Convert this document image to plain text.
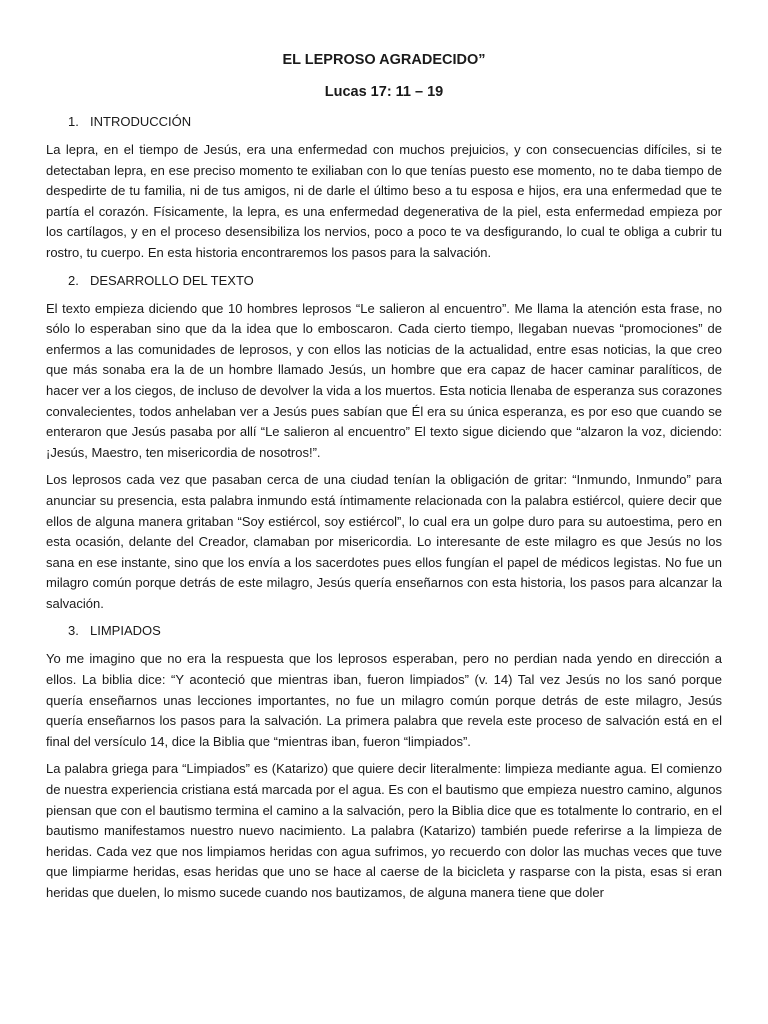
EL LEPROSO AGRADECIDO”
Lucas 17: 11 – 19
1. INTRODUCCIÓN

La lepra, en el tiempo de Jesús, era una enfermedad con muchos prejuicios, y con consecuencias difíciles, si te detectaban lepra, en ese preciso momento te exiliaban con lo que tenías puesto ese momento, no te daba tiempo de despedirte de tu familia, ni de tus amigos, ni de darle el último beso a tu esposa e hijos, era una enfermedad que te partía el corazón. Físicamente, la lepra, es una enfermedad degenerativa de la piel, esta enfermedad empieza por los cartílagos, y en el proceso desensibiliza los nervios, poco a poco te va desfigurando, lo cual te obliga a cubrir tu rostro, tu cuerpo. En esta historia encontraremos los pasos para la salvación.

2. DESARROLLO DEL TEXTO

El texto empieza diciendo que 10 hombres leprosos “Le salieron al encuentro”. Me llama la atención esta frase, no sólo lo esperaban sino que da la idea que lo emboscaron. Cada cierto tiempo, llegaban nuevas “promociones” de enfermos a las comunidades de leprosos, y con ellos las noticias de la actualidad, entre esas noticias, la que creo que más sonaba era la de un hombre llamado Jesús, un hombre que era capaz de hacer caminar paralíticos, de hacer ver a los ciegos, de incluso de devolver la vida a los muertos. Esta noticia llenaba de esperanza sus corazones convalecientes, todos anhelaban ver a Jesús pues sabían que Él era su única esperanza, es por eso que cuando se enteraron que Jesús pasaba por allí “Le salieron al encuentro” El texto sigue diciendo que “alzaron la voz, diciendo: ¡Jesús, Maestro, ten misericordia de nosotros!”.

Los leprosos cada vez que pasaban cerca de una ciudad tenían la obligación de gritar: “Inmundo, Inmundo” para anunciar su presencia, esta palabra inmundo está íntimamente relacionada con la palabra estiércol, quiere decir que ellos de alguna manera gritaban “Soy estiércol, soy estiércol”, lo cual era un golpe duro para su autoestima, pero en esta ocasión, delante del Creador, clamaban por misericordia. Lo interesante de este milagro es que Jesús no los sana en ese instante, sino que los envía a los sacerdotes pues ellos fungían el papel de médicos legistas. No fue un milagro común porque detrás de este milagro, Jesús quería enseñarnos con esta historia, los pasos para alcanzar la salvación.

3. LIMPIADOS

Yo me imagino que no era la respuesta que los leprosos esperaban, pero no perdian nada yendo en dirección a ellos. La biblia dice: “Y aconteció que mientras iban, fueron limpiados” (v. 14) Tal vez Jesús no los sanó porque quería enseñarnos unas lecciones importantes, no fue un milagro común porque detrás de este milagro, Jesús quería enseñarnos los pasos para la salvación. La primera palabra que revela este proceso de salvación está en el final del versículo 14, dice la Biblia que “mientras iban, fueron “limpiados”.

La palabra griega para “Limpiados” es (Katarizo) que quiere decir literalmente: limpieza mediante agua. El comienzo de nuestra experiencia cristiana está marcada por el agua. Es con el bautismo que empieza nuestro camino, algunos piensan que con el bautismo termina el camino a la salvación, pero la Biblia dice que es totalmente lo contrario, en el bautismo manifestamos nuestro nuevo nacimiento. La palabra (Katarizo) también puede referirse a la limpieza de heridas. Cada vez que nos limpiamos heridas con agua sufrimos, yo recuerdo con dolor las muchas veces que tuve que limpiarme heridas, esas heridas que uno se hace al caerse de la bicicleta y rasparse con la pista, esas si eran heridas que duelen, lo mismo sucede cuando nos bautizamos, de alguna manera tiene que doler
